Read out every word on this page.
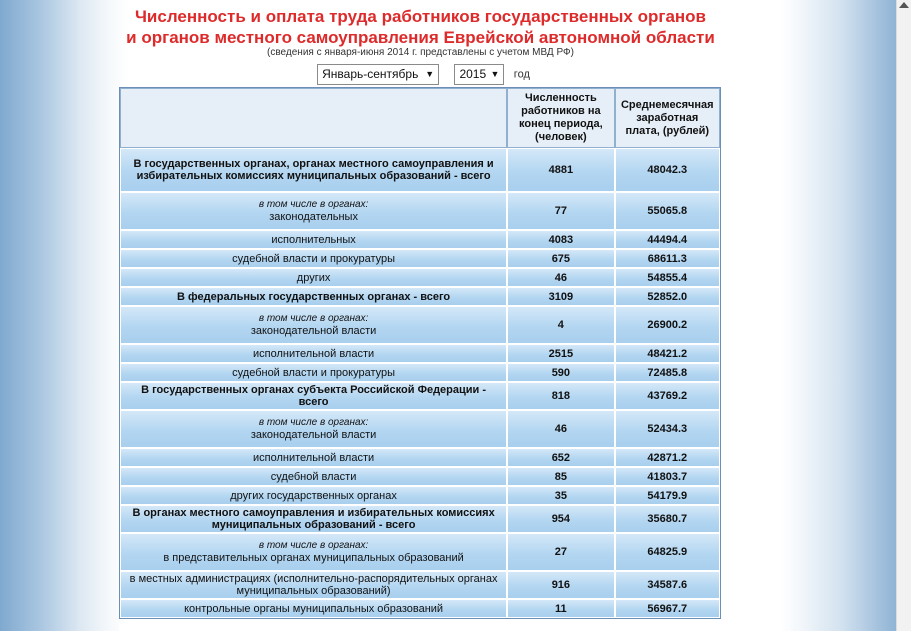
Численность и оплата труда работников государственных органов
и органов местного самоуправления Еврейской автономной области
(сведения с января-июня 2014 г. представлены с учетом МВД РФ)
Январь-сентябрь ▼ 2015 ▼ год
	Численность работников на конец периода, (человек)	Среднемесячная заработная плата, (рублей)
В государственных органах, органах местного самоуправления и избирательных комиссиях муниципальных образований - всего	4881	48042.3

в том числе в органах:
законодательных	77	55065.8
исполнительных	4083	44494.4
судебной власти и прокуратуры	675	68611.3
других	46	54855.4
В федеральных государственных органах - всего	3109	52852.0

в том числе в органах:
законодательной власти	4	26900.2
исполнительной власти	2515	48421.2
судебной власти и прокуратуры	590	72485.8
В государственных органах субъекта Российской Федерации - всего	818	43769.2

в том числе в органах:
законодательной власти	46	52434.3
исполнительной власти	652	42871.2
судебной власти	85	41803.7
других государственных органах	35	54179.9
В органах местного самоуправления и избирательных комиссиях муниципальных образований - всего	954	35680.7

в том числе в органах:
в представительных органах муниципальных образований	27	64825.9
в местных администрациях (исполнительно-распорядительных органах муниципальных образований)	916	34587.6
контрольные органы муниципальных образований	11	56967.7
